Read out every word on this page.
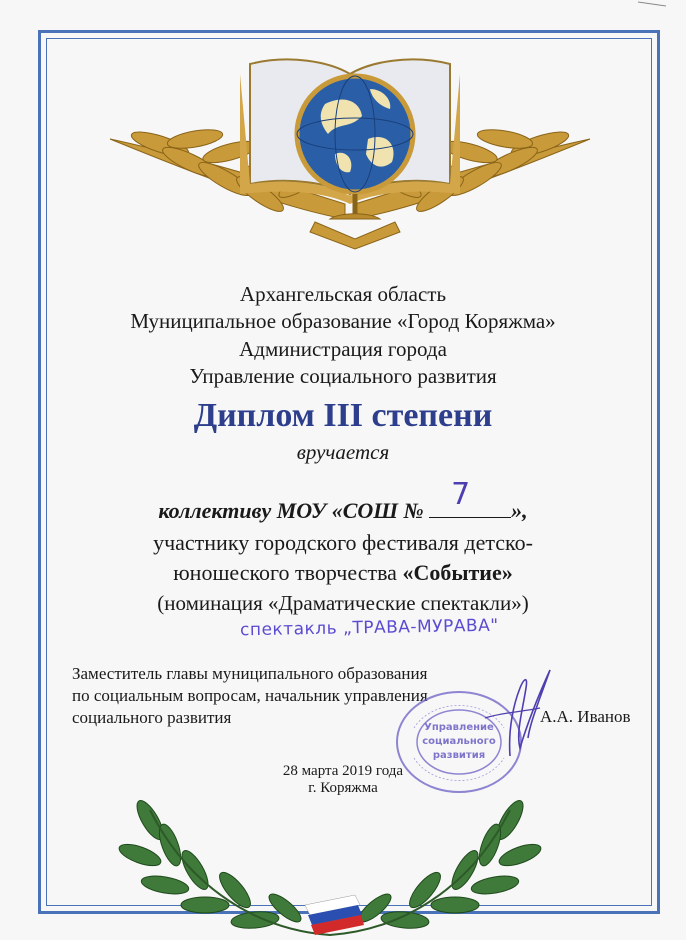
Архангельская область
Муниципальное образование «Город Коряжма»
Администрация города
Управление социального развития
Диплом III степени
вручается
коллективу МОУ «СОШ № 7 »,
участнику городского фестиваля детско-
юношеского творчества «Событие»
(номинация «Драматические спектакли»)
спектакль „ТРАВА-МУРАВА"
Заместитель главы муниципального образования
по социальным вопросам, начальник управления
социального развития
Управление
социального
развития
А.А. Иванов
28 марта 2019 года
г. Коряжма
